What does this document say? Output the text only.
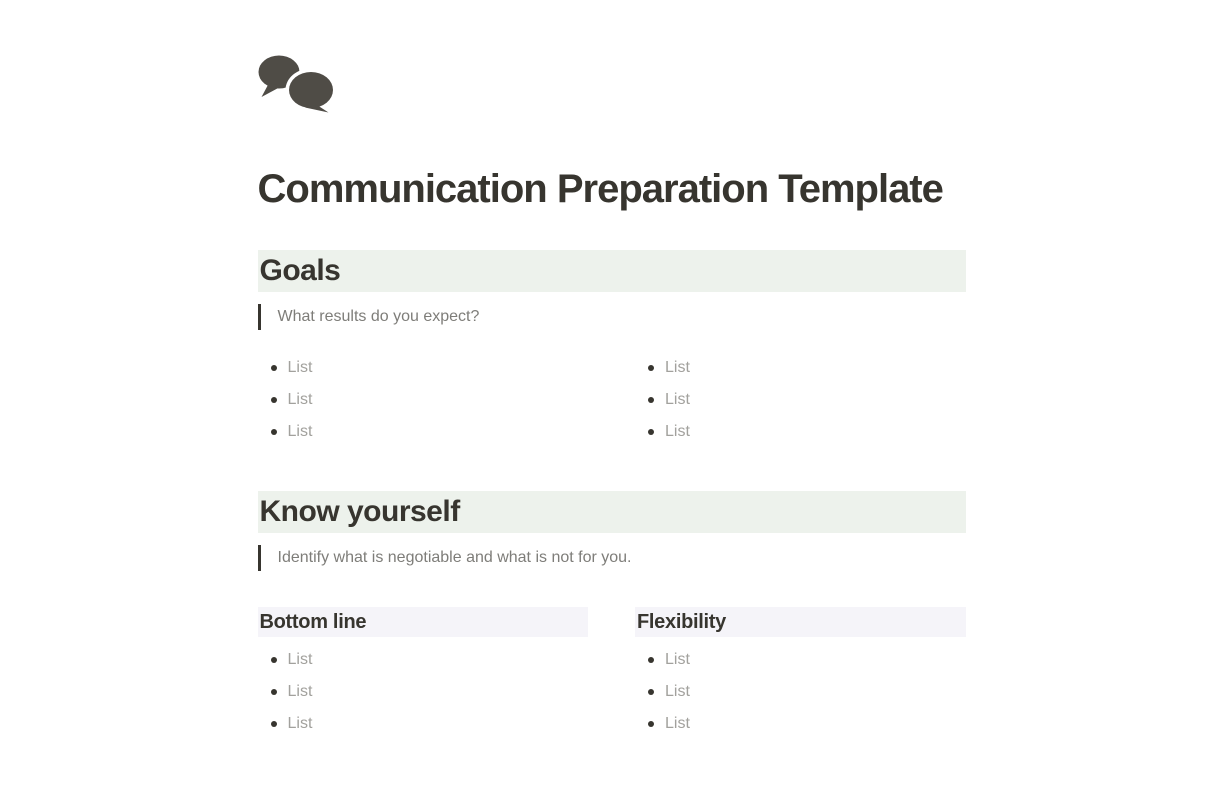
Communication Preparation Template
Goals
What results do you expect?
List
List
List
List
List
List
Know yourself
Identify what is negotiable and what is not for you.
Bottom line
List
List
List
Flexibility
List
List
List
